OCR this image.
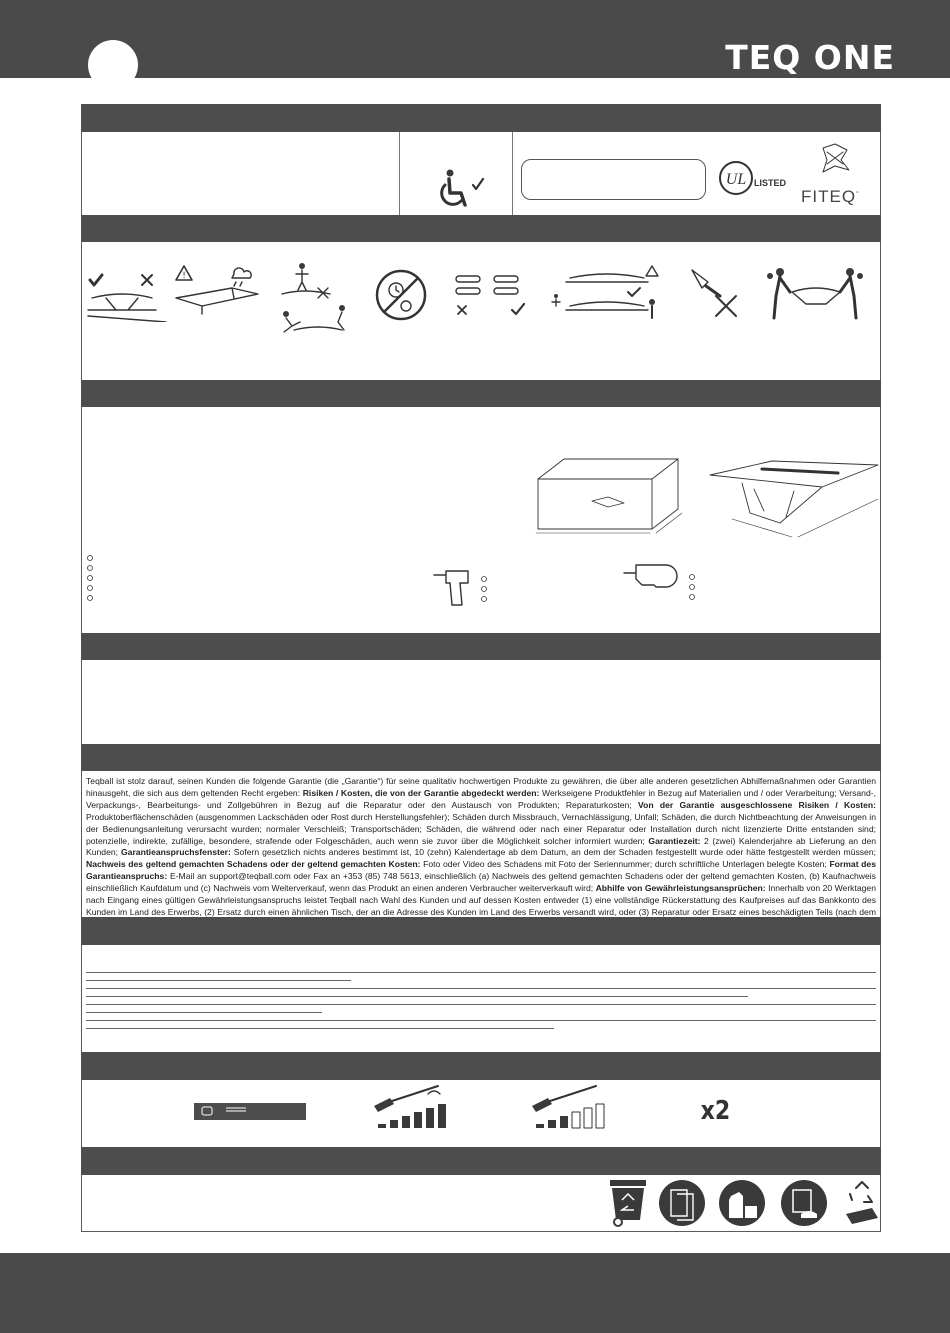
TEQ ONE
UL LISTED
FITEQ°
!
Teqball ist stolz darauf, seinen Kunden die folgende Garantie (die „Garantie“) für seine qualitativ hochwertigen Produkte zu gewähren, die über alle anderen gesetzlichen Abhilfemaßnahmen oder Garantien hinausgeht, die sich aus dem geltenden Recht ergeben: Risiken / Kosten, die von der Garantie abgedeckt werden: Werkseigene Produktfehler in Bezug auf Materialien und / oder Verarbeitung; Versand-, Verpackungs-, Bearbeitungs- und Zollgebühren in Bezug auf die Reparatur oder den Austausch von Produkten; Reparaturkosten; Von der Garantie ausgeschlossene Risiken / Kosten: Produktoberflächenschäden (ausgenommen Lackschäden oder Rost durch Herstellungsfehler); Schäden durch Missbrauch, Vernachlässigung, Unfall; Schäden, die durch Nichtbeachtung der Anweisungen in der Bedienungsanleitung verursacht wurden; normaler Verschleiß; Transportschäden; Schäden, die während oder nach einer Reparatur oder Installation durch nicht lizenzierte Dritte entstanden sind; potenzielle, indirekte, zufällige, besondere, strafende oder Folgeschäden, auch wenn sie zuvor über die Möglichkeit solcher informiert wurden; Garantiezeit: 2 (zwei) Kalenderjahre ab Lieferung an den Kunden; Garantieanspruchsfenster: Sofern gesetzlich nichts anderes bestimmt ist, 10 (zehn) Kalendertage ab dem Datum, an dem der Schaden festgestellt wurde oder hätte festgestellt werden müssen; Nachweis des geltend gemachten Schadens oder der geltend gemachten Kosten: Foto oder Video des Schadens mit Foto der Seriennummer; durch schriftliche Unterlagen belegte Kosten; Format des Garantieanspruchs: E-Mail an support@teqball.com oder Fax an +353 (85) 748 5613, einschließlich (a) Nachweis des geltend gemachten Schadens oder der geltend gemachten Kosten, (b) Kaufnachweis einschließlich Kaufdatum und (c) Nachweis vom Weiterverkauf, wenn das Produkt an einen anderen Verbraucher weiterverkauft wird; Abhilfe von Gewährleistungsansprüchen: Innerhalb von 20 Werktagen nach Eingang eines gültigen Gewährleistungsanspruchs leistet Teqball nach Wahl des Kunden und auf dessen Kosten entweder (1) eine vollständige Rückerstattung des Kaufpreises auf das Bankkonto des Kunden im Land des Erwerbs, (2) Ersatz durch einen ähnlichen Tisch, der an die Adresse des Kunden im Land des Erwerbs versandt wird, oder (3) Reparatur oder Ersatz eines beschädigten Teils (nach dem
x2
